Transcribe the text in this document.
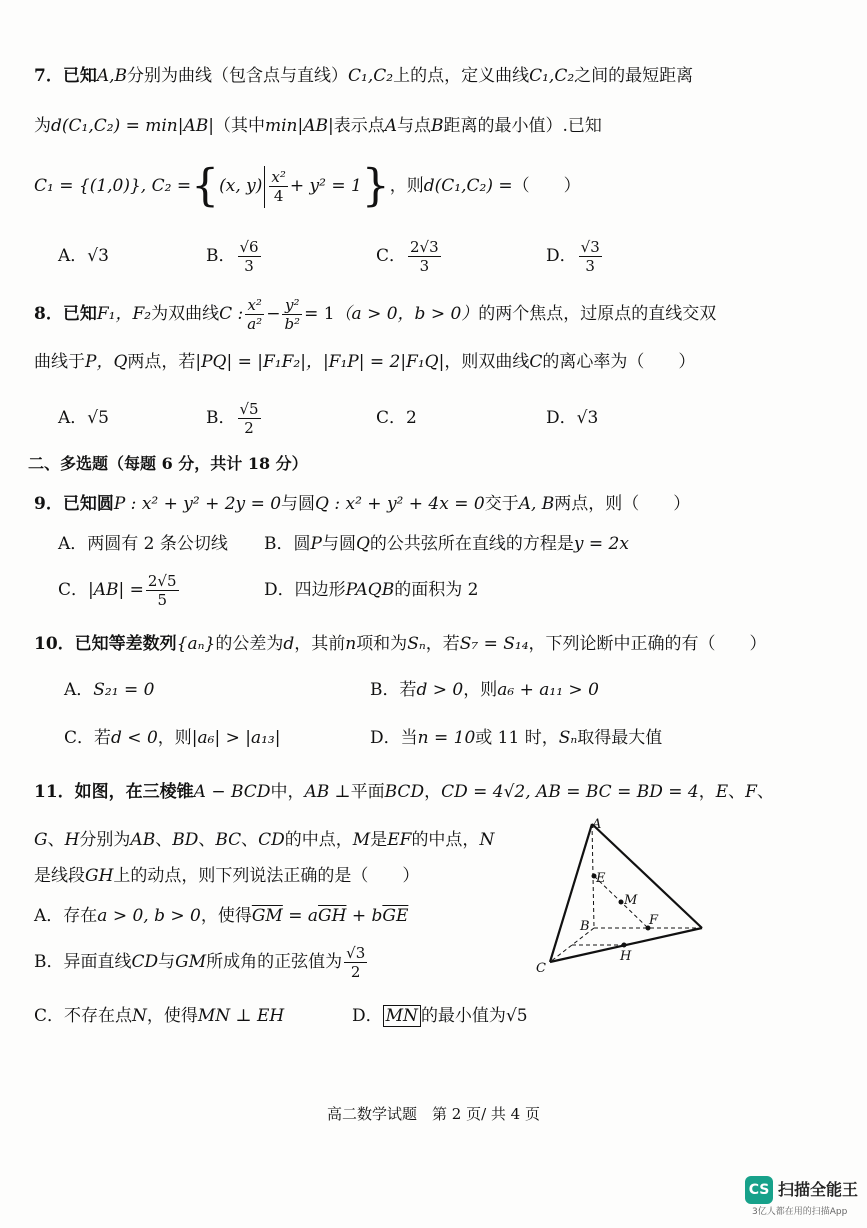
7．已知A,B分别为曲线（包含点与直线）C₁,C₂上的点，定义曲线C₁,C₂之间的最短距离
为d(C₁,C₂) = min|AB|（其中min|AB|表示点A与点B距离的最小值）.已知
C₁ = {(1,0)}, C₂ ={(x, $y) \frac{\text{x²}}{4} + y^2 = 1$}，则d(C₁,C₂) =（　　）
A．√3	B． $\frac{√6}{3}$	C． $\frac{2√3}{3}$	D． $\frac{√3}{3}$
8．已知F₁，F₂为双曲线C : $\frac{\text{x²}}{\text{a²}} - \frac{\text{y²}}{\text{b²}} = 1(a > 0$，b > 0）的两个焦点，过原点的直线交双
曲线于P，Q两点，若|PQ| = |F₁F₂|，|F₁P| = 2|F₁Q|，则双曲线C的离心率为（　　）
A．√5	B． $\frac{√5}{2}$	C．2	D．√3
二、多选题（每题 6 分，共计 18 分）
9．已知圆P : x² + y² + 2y = 0与圆Q : x² + y² + 4x = 0交于A, B两点，则（　　）
A．两圆有 2 条公切线 B．圆P与圆Q的公共弦所在直线的方程是y = 2x
C．$|AB| = \frac{2√5}{5}$	D．四边形PAQB的面积为 2
10．已知等差数列{aₙ}的公差为d，其前n项和为Sₙ，若S₇ = S₁₄，下列论断中正确的有（　　）
A．S₂₁ = 0	B．若d > 0，则a₆ + a₁₁ > 0
C．若d < 0，则|a₆| > |a₁₃|	D．当n = 10或 11 时，Sₙ取得最大值
11．如图，在三棱锥A − BCD中，AB ⊥平面BCD，CD = 4√2, AB = BC = BD = 4，E、F、
G、H分别为AB、BD、BC、CD的中点，M是EF的中点，N
是线段GH上的动点，则下列说法正确的是（　　）
A．存在a > 0, b > 0，使得$\overline{GM} = a\overline{GH} + b\overline{GE}$
B．异面直线CD与GM所成角的正弦值为 $\frac{√3}{2}$
C．不存在点N，使得MN ⊥ EH	D． $\overline{MN}$ 的最小值为√5
A
E
M
B	F
C
H
高二数学试题　第 2 页/ 共 4 页
CS 扫描全能王
3亿人都在用的扫描App
